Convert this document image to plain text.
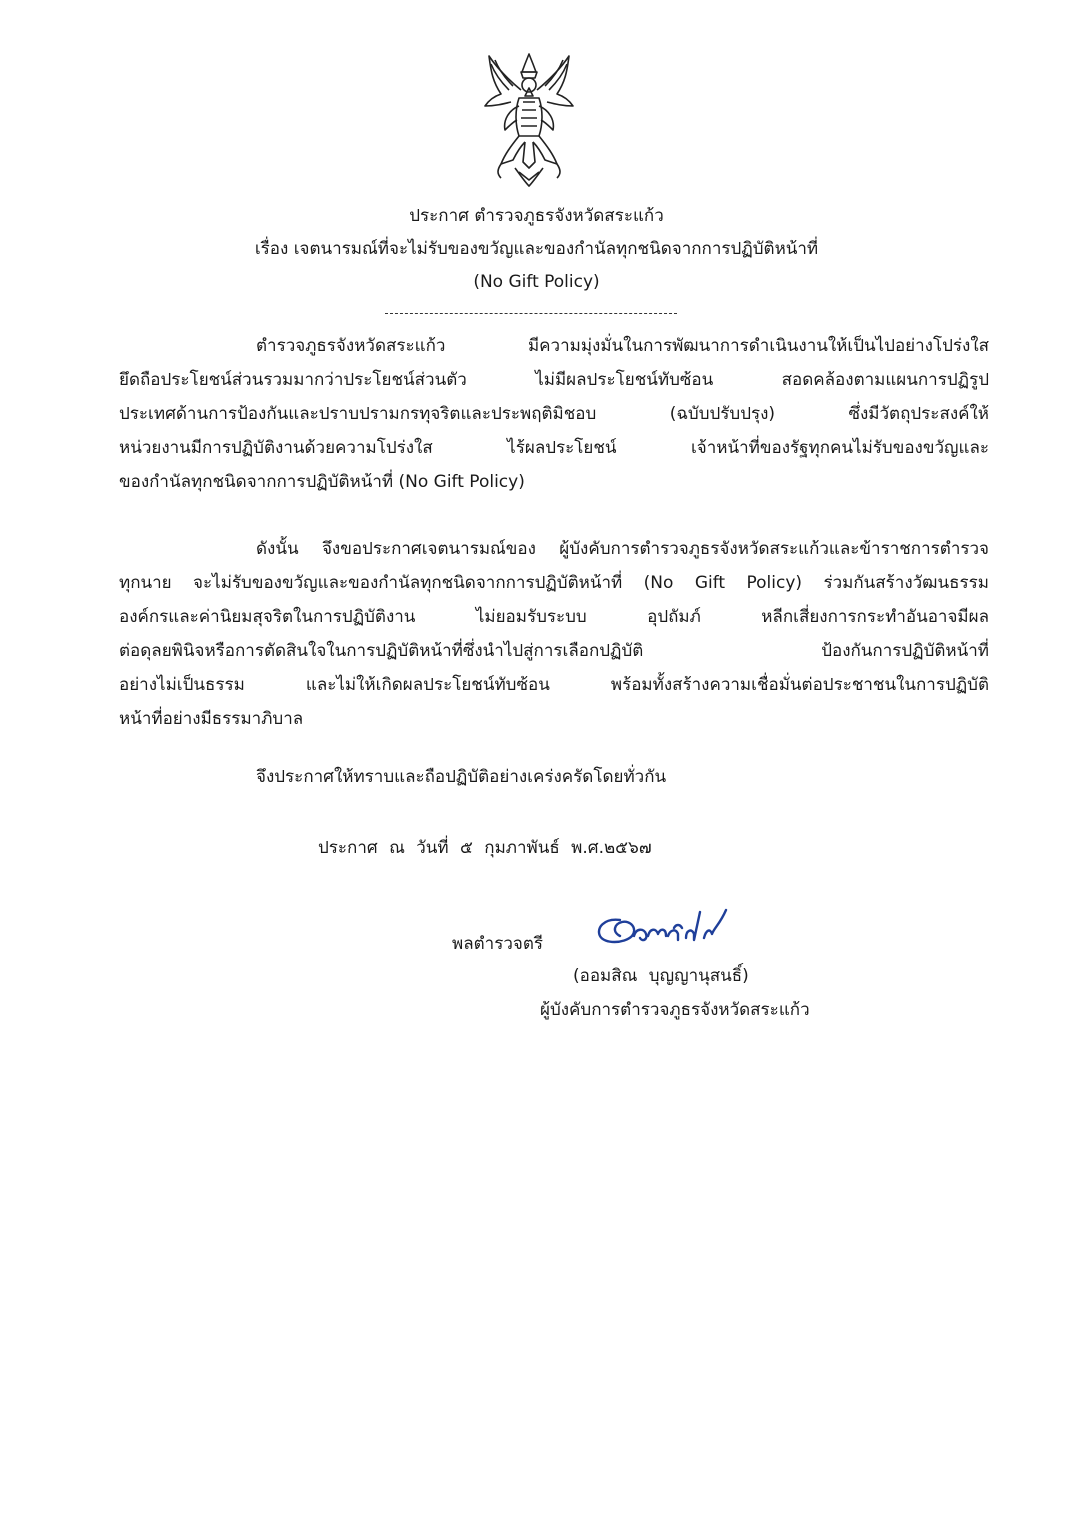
ประกาศ ตำรวจภูธรจังหวัดสระแก้ว
เรื่อง เจตนารมณ์ที่จะไม่รับของขวัญและของกำนัลทุกชนิดจากการปฏิบัติหน้าที่
(No Gift Policy)
ตำรวจภูธรจังหวัดสระแก้ว มีความมุ่งมั่นในการพัฒนาการดำเนินงานให้เป็นไปอย่างโปร่งใส
ยึดถือประโยชน์ส่วนรวมมากว่าประโยชน์ส่วนตัว ไม่มีผลประโยชน์ทับซ้อน สอดคล้องตามแผนการปฏิรูป
ประเทศด้านการป้องกันและปราบปรามกรทุจริตและประพฤติมิชอบ (ฉบับปรับปรุง) ซึ่งมีวัตถุประสงค์ให้
หน่วยงานมีการปฏิบัติงานด้วยความโปร่งใส ไร้ผลประโยชน์ เจ้าหน้าที่ของรัฐทุกคนไม่รับของขวัญและ
ของกำนัลทุกชนิดจากการปฏิบัติหน้าที่ (No Gift Policy)
ดังนั้น จึงขอประกาศเจตนารมณ์ของ ผู้บังคับการตำรวจภูธรจังหวัดสระแก้วและข้าราชการตำรวจ
ทุกนาย จะไม่รับของขวัญและของกำนัลทุกชนิดจากการปฏิบัติหน้าที่ (No Gift Policy) ร่วมกันสร้างวัฒนธรรม
องค์กรและค่านิยมสุจริตในการปฏิบัติงาน ไม่ยอมรับระบบ อุปถัมภ์ หลีกเสี่ยงการกระทำอันอาจมีผล
ต่อดุลยพินิจหรือการตัดสินใจในการปฏิบัติหน้าที่ซึ่งนำไปสู่การเลือกปฏิบัติ ป้องกันการปฏิบัติหน้าที่
อย่างไม่เป็นธรรม และไม่ให้เกิดผลประโยชน์ทับซ้อน พร้อมทั้งสร้างความเชื่อมั่นต่อประชาชนในการปฏิบัติ
หน้าที่อย่างมีธรรมาภิบาล
จึงประกาศให้ทราบและถือปฏิบัติอย่างเคร่งครัดโดยทั่วกัน
ประกาศ ณ วันที่ ๕ กุมภาพันธ์ พ.ศ.๒๕๖๗
พลตำรวจตรี
(ออมสิณ บุญญานุสนธิ์)
ผู้บังคับการตำรวจภูธรจังหวัดสระแก้ว
